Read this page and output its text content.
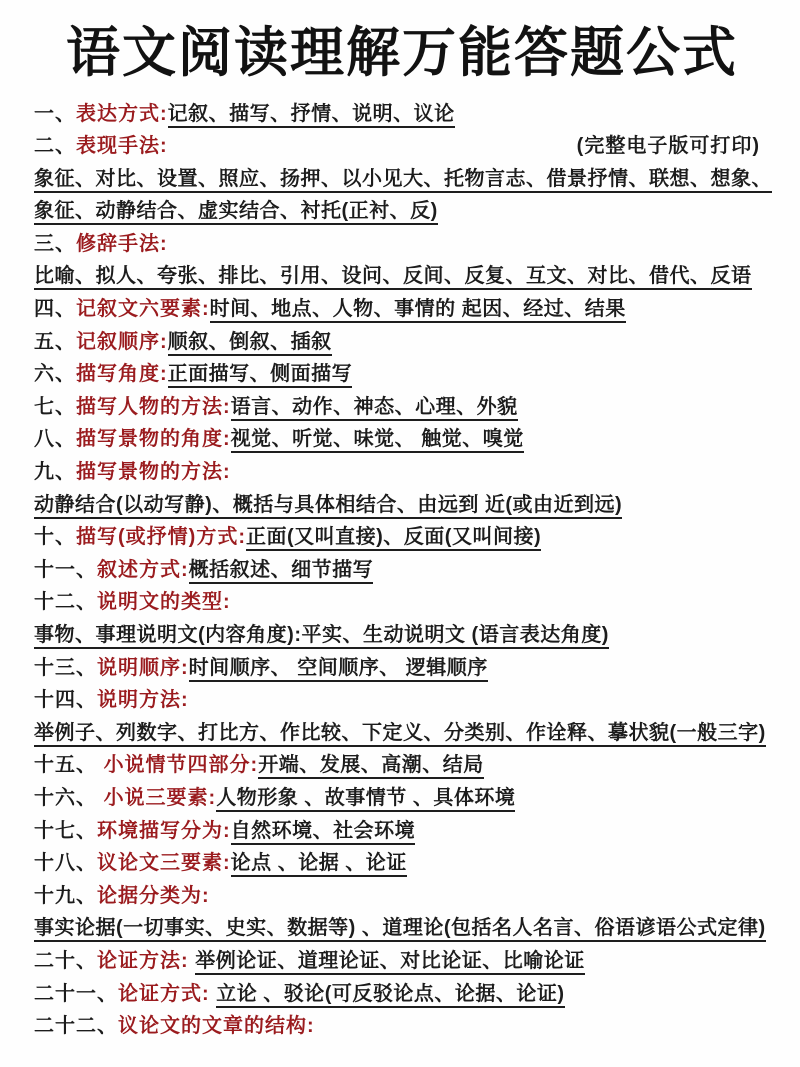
语文阅读理解万能答题公式
一、表达方式:记叙、描写、抒情、说明、议论
二、表现手法:	(完整电子版可打印)
象征、对比、设置、照应、扬押、以小见大、托物言志、借景抒情、联想、想象、
象征、动静结合、虚实结合、衬托(正衬、反)
三、修辞手法:
比喻、拟人、夸张、排比、引用、设问、反间、反复、互文、对比、借代、反语
四、记叙文六要素:时间、地点、人物、事情的 起因、经过、结果
五、记叙顺序:顺叙、倒叙、插叙
六、描写角度:正面描写、侧面描写
七、描写人物的方法:语言、动作、神态、心理、外貌
八、描写景物的角度:视觉、听觉、味觉、 触觉、嗅觉
九、描写景物的方法:
动静结合(以动写静)、概括与具体相结合、由远到 近(或由近到远)
十、描写(或抒情)方式:正面(又叫直接)、反面(又叫间接)
十一、叙述方式:概括叙述、细节描写
十二、说明文的类型:
事物、事理说明文(内容角度):平实、生动说明文 (语言表达角度)
十三、说明顺序:时间顺序、 空间顺序、 逻辑顺序
十四、说明方法:
举例子、列数字、打比方、作比较、下定义、分类别、作诠释、摹状貌(一般三字)
十五、 小说情节四部分:开端、发展、高潮、结局
十六、 小说三要素:人物形象 、故事情节 、具体环境
十七、环境描写分为:自然环境、社会环境
十八、议论文三要素:论点 、论据 、论证
十九、论据分类为:
事实论据(一切事实、史实、数据等) 、道理论(包括名人名言、俗语谚语公式定律)
二十、论证方法: 举例论证、道理论证、对比论证、比喻论证
二十一、论证方式: 立论 、驳论(可反驳论点、论据、论证)
二十二、议论文的文章的结构:
